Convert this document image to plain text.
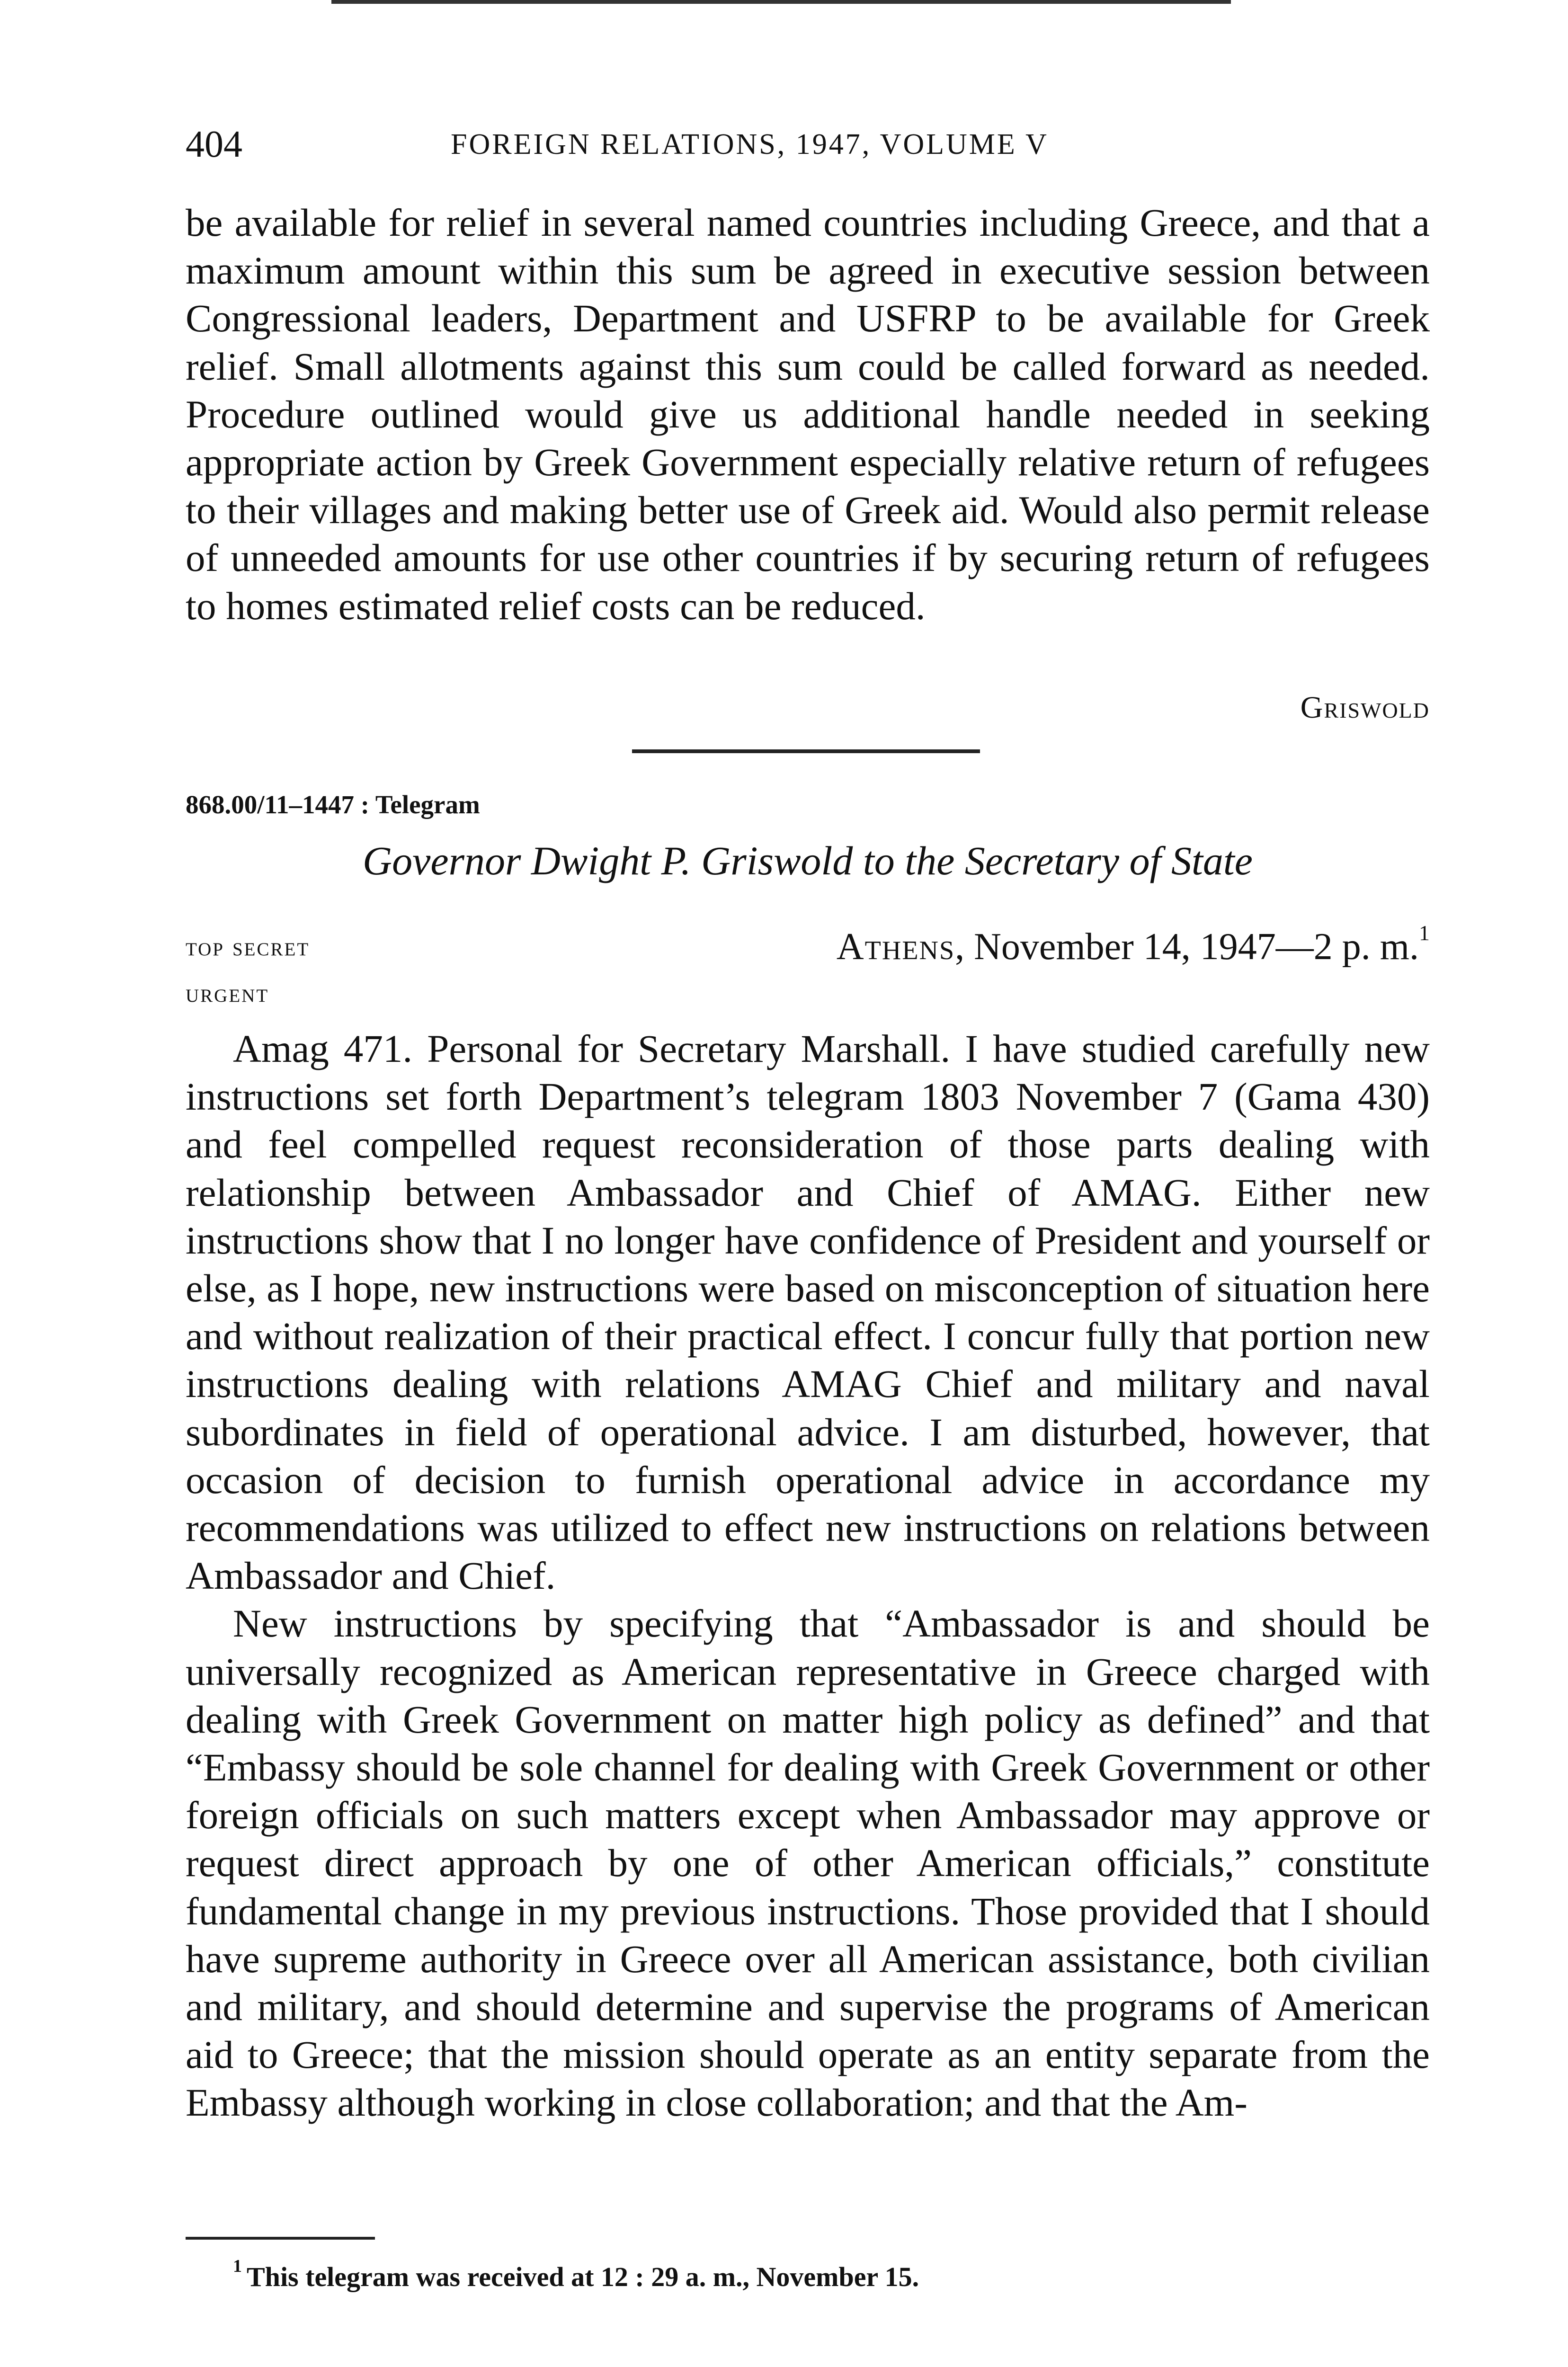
404	FOREIGN RELATIONS, 1947, VOLUME V

be available for relief in several named countries including Greece, and that a maximum amount within this sum be agreed in executive session between Congressional leaders, Department and USFRP to be available for Greek relief. Small allotments against this sum could be called forward as needed. Procedure outlined would give us additional handle needed in seeking appropriate action by Greek Government especially relative return of refugees to their villages and making better use of Greek aid. Would also permit release of unneeded amounts for use other countries if by securing return of refugees to homes estimated relief costs can be reduced.

Griswold
868.00/11–1447 : Telegram
Governor Dwight P. Griswold to the Secretary of State
top secret
urgent
Athens, November 14, 1947—2 p. m.$^1$

Amag 471. Personal for Secretary Marshall. I have studied carefully new instructions set forth Department’s telegram 1803 November 7 (Gama 430) and feel compelled request reconsideration of those parts dealing with relationship between Ambassador and Chief of AMAG. Either new instructions show that I no longer have confidence of President and yourself or else, as I hope, new instructions were based on misconception of situation here and without realization of their practical effect. I concur fully that portion new instructions dealing with relations AMAG Chief and military and naval subordinates in field of operational advice. I am disturbed, however, that occasion of decision to furnish operational advice in accordance my recommendations was utilized to effect new instructions on relations between Ambassador and Chief.

New instructions by specifying that “Ambassador is and should be universally recognized as American representative in Greece charged with dealing with Greek Government on matter high policy as defined” and that “Embassy should be sole channel for dealing with Greek Government or other foreign officials on such matters except when Ambassador may approve or request direct approach by one of other American officials,” constitute fundamental change in my previous instructions. Those provided that I should have supreme authority in Greece over all American assistance, both civilian and military, and should determine and supervise the programs of American aid to Greece; that the mission should operate as an entity separate from the Embassy although working in close collaboration; and that the Am-

$^1$ This telegram was received at 12 : 29 a. m., November 15.
